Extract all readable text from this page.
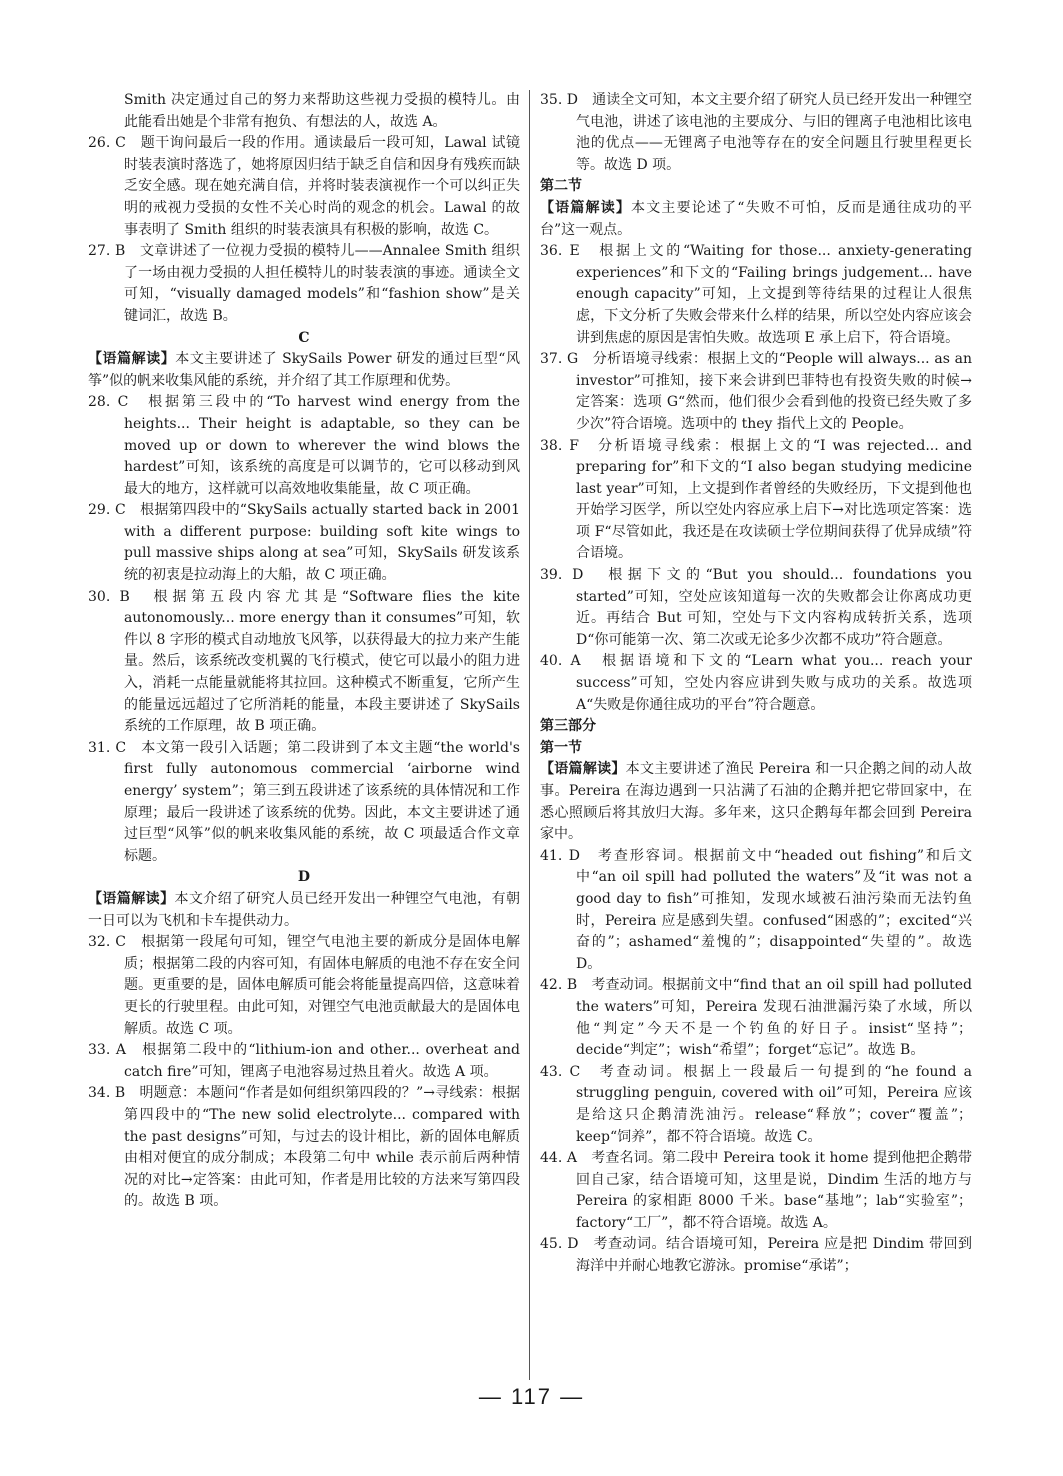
Smith 决定通过自己的努力来帮助这些视力受损的模特儿。由此能看出她是个非常有抱负、有想法的人，故选 A。

26. C　题干询问最后一段的作用。通读最后一段可知，Lawal 试镜时装表演时落选了，她将原因归结于缺乏自信和因身有残疾而缺乏安全感。现在她充满自信，并将时装表演视作一个可以纠正失明的戒视力受损的女性不关心时尚的观念的机会。Lawal 的故事表明了 Smith 组织的时装表演具有积极的影响，故选 C。

27. B　文章讲述了一位视力受损的模特儿——Annalee Smith 组织了一场由视力受损的人担任模特儿的时装表演的事迹。通读全文可知，“visually damaged models”和“fashion show”是关键词汇，故选 B。

C

【语篇解读】本文主要讲述了 SkySails Power 研发的通过巨型“风筝”似的帆来收集风能的系统，并介绍了其工作原理和优势。

28. C　根据第三段中的“To harvest wind energy from the heights... Their height is adaptable, so they can be moved up or down to wherever the wind blows the hardest”可知，该系统的高度是可以调节的，它可以移动到风最大的地方，这样就可以高效地收集能量，故 C 项正确。

29. C　根据第四段中的“SkySails actually started back in 2001 with a different purpose: building soft kite wings to pull massive ships along at sea”可知，SkySails 研发该系统的初衷是拉动海上的大船，故 C 项正确。

30. B　根据第五段内容尤其是“Software flies the kite autonomously... more energy than it consumes”可知，软件以 8 字形的模式自动地放飞风筝，以获得最大的拉力来产生能量。然后，该系统改变机翼的飞行模式，使它可以最小的阻力进入，消耗一点能量就能将其拉回。这种模式不断重复，它所产生的能量远远超过了它所消耗的能量，本段主要讲述了 SkySails 系统的工作原理，故 B 项正确。

31. C　本文第一段引入话题；第二段讲到了本文主题“the world's first fully autonomous commercial ‘airborne wind energy’ system”；第三到五段讲述了该系统的具体情况和工作原理；最后一段讲述了该系统的优势。因此，本文主要讲述了通过巨型“风筝”似的帆来收集风能的系统，故 C 项最适合作文章标题。

D

【语篇解读】本文介绍了研究人员已经开发出一种锂空气电池，有朝一日可以为飞机和卡车提供动力。

32. C　根据第一段尾句可知，锂空气电池主要的新成分是固体电解质；根据第二段的内容可知，有固体电解质的电池不存在安全问题。更重要的是，固体电解质可能会将能量提高四倍，这意味着更长的行驶里程。由此可知，对锂空气电池贡献最大的是固体电解质。故选 C 项。

33. A　根据第二段中的“lithium-ion and other... overheat and catch fire”可知，锂离子电池容易过热且着火。故选 A 项。

34. B　明题意：本题问“作者是如何组织第四段的？”→寻线索：根据第四段中的“The new solid electrolyte... compared with the past designs”可知，与过去的设计相比，新的固体电解质由相对便宜的成分制成；本段第二句中 while 表示前后两种情况的对比→定答案：由此可知，作者是用比较的方法来写第四段的。故选 B 项。

35. D　通读全文可知，本文主要介绍了研究人员已经开发出一种锂空气电池，讲述了该电池的主要成分、与旧的锂离子电池相比该电池的优点——无锂离子电池等存在的安全问题且行驶里程更长等。故选 D 项。

第二节

【语篇解读】本文主要论述了“失败不可怕，反而是通往成功的平台”这一观点。

36. E　根据上文的“Waiting for those... anxiety-generating experiences”和下文的“Failing brings judgement... have enough capacity”可知，上文提到等待结果的过程让人很焦虑，下文分析了失败会带来什么样的结果，所以空处内容应该会讲到焦虑的原因是害怕失败。故选项 E 承上启下，符合语境。

37. G　分析语境寻线索：根据上文的“People will always... as an investor”可推知，接下来会讲到巴菲特也有投资失败的时候→定答案：选项 G“然而，他们很少会看到他的投资已经失败了多少次”符合语境。选项中的 they 指代上文的 People。

38. F　分析语境寻线索：根据上文的“I was rejected... and preparing for”和下文的“I also began studying medicine last year”可知，上文提到作者曾经的失败经历，下文提到他也开始学习医学，所以空处内容应承上启下→对比选项定答案：选项 F“尽管如此，我还是在攻读硕士学位期间获得了优异成绩”符合语境。

39. D　根据下文的“But you should... foundations you started”可知，空处应该知道每一次的失败都会让你离成功更近。再结合 But 可知，空处与下文内容构成转折关系，选项 D“你可能第一次、第二次或无论多少次都不成功”符合题意。

40. A　根据语境和下文的“Learn what you... reach your success”可知，空处内容应讲到失败与成功的关系。故选项 A“失败是你通往成功的平台”符合题意。

第三部分

第一节

【语篇解读】本文主要讲述了渔民 Pereira 和一只企鹅之间的动人故事。Pereira 在海边遇到一只沾满了石油的企鹅并把它带回家中，在悉心照顾后将其放归大海。多年来，这只企鹅每年都会回到 Pereira 家中。

41. D　考查形容词。根据前文中“headed out fishing”和后文中“an oil spill had polluted the waters”及“it was not a good day to fish”可推知，发现水域被石油污染而无法钓鱼时，Pereira 应是感到失望。confused“困惑的”；excited“兴奋的”；ashamed“羞愧的”；disappointed“失望的”。故选 D。

42. B　考查动词。根据前文中“find that an oil spill had polluted the waters”可知，Pereira 发现石油泄漏污染了水域，所以他“判定”今天不是一个钓鱼的好日子。insist“坚持”；decide“判定”；wish“希望”；forget“忘记”。故选 B。

43. C　考查动词。根据上一段最后一句提到的“he found a struggling penguin, covered with oil”可知，Pereira 应该是给这只企鹅清洗油污。release“释放”；cover“覆盖”；keep“饲养”，都不符合语境。故选 C。

44. A　考查名词。第二段中 Pereira took it home 提到他把企鹅带回自己家，结合语境可知，这里是说，Dindim 生活的地方与 Pereira 的家相距 8000 千米。base“基地”；lab“实验室”；factory“工厂”，都不符合语境。故选 A。

45. D　考查动词。结合语境可知，Pereira 应是把 Dindim 带回到海洋中并耐心地教它游泳。promise“承诺”；

— 117 —
